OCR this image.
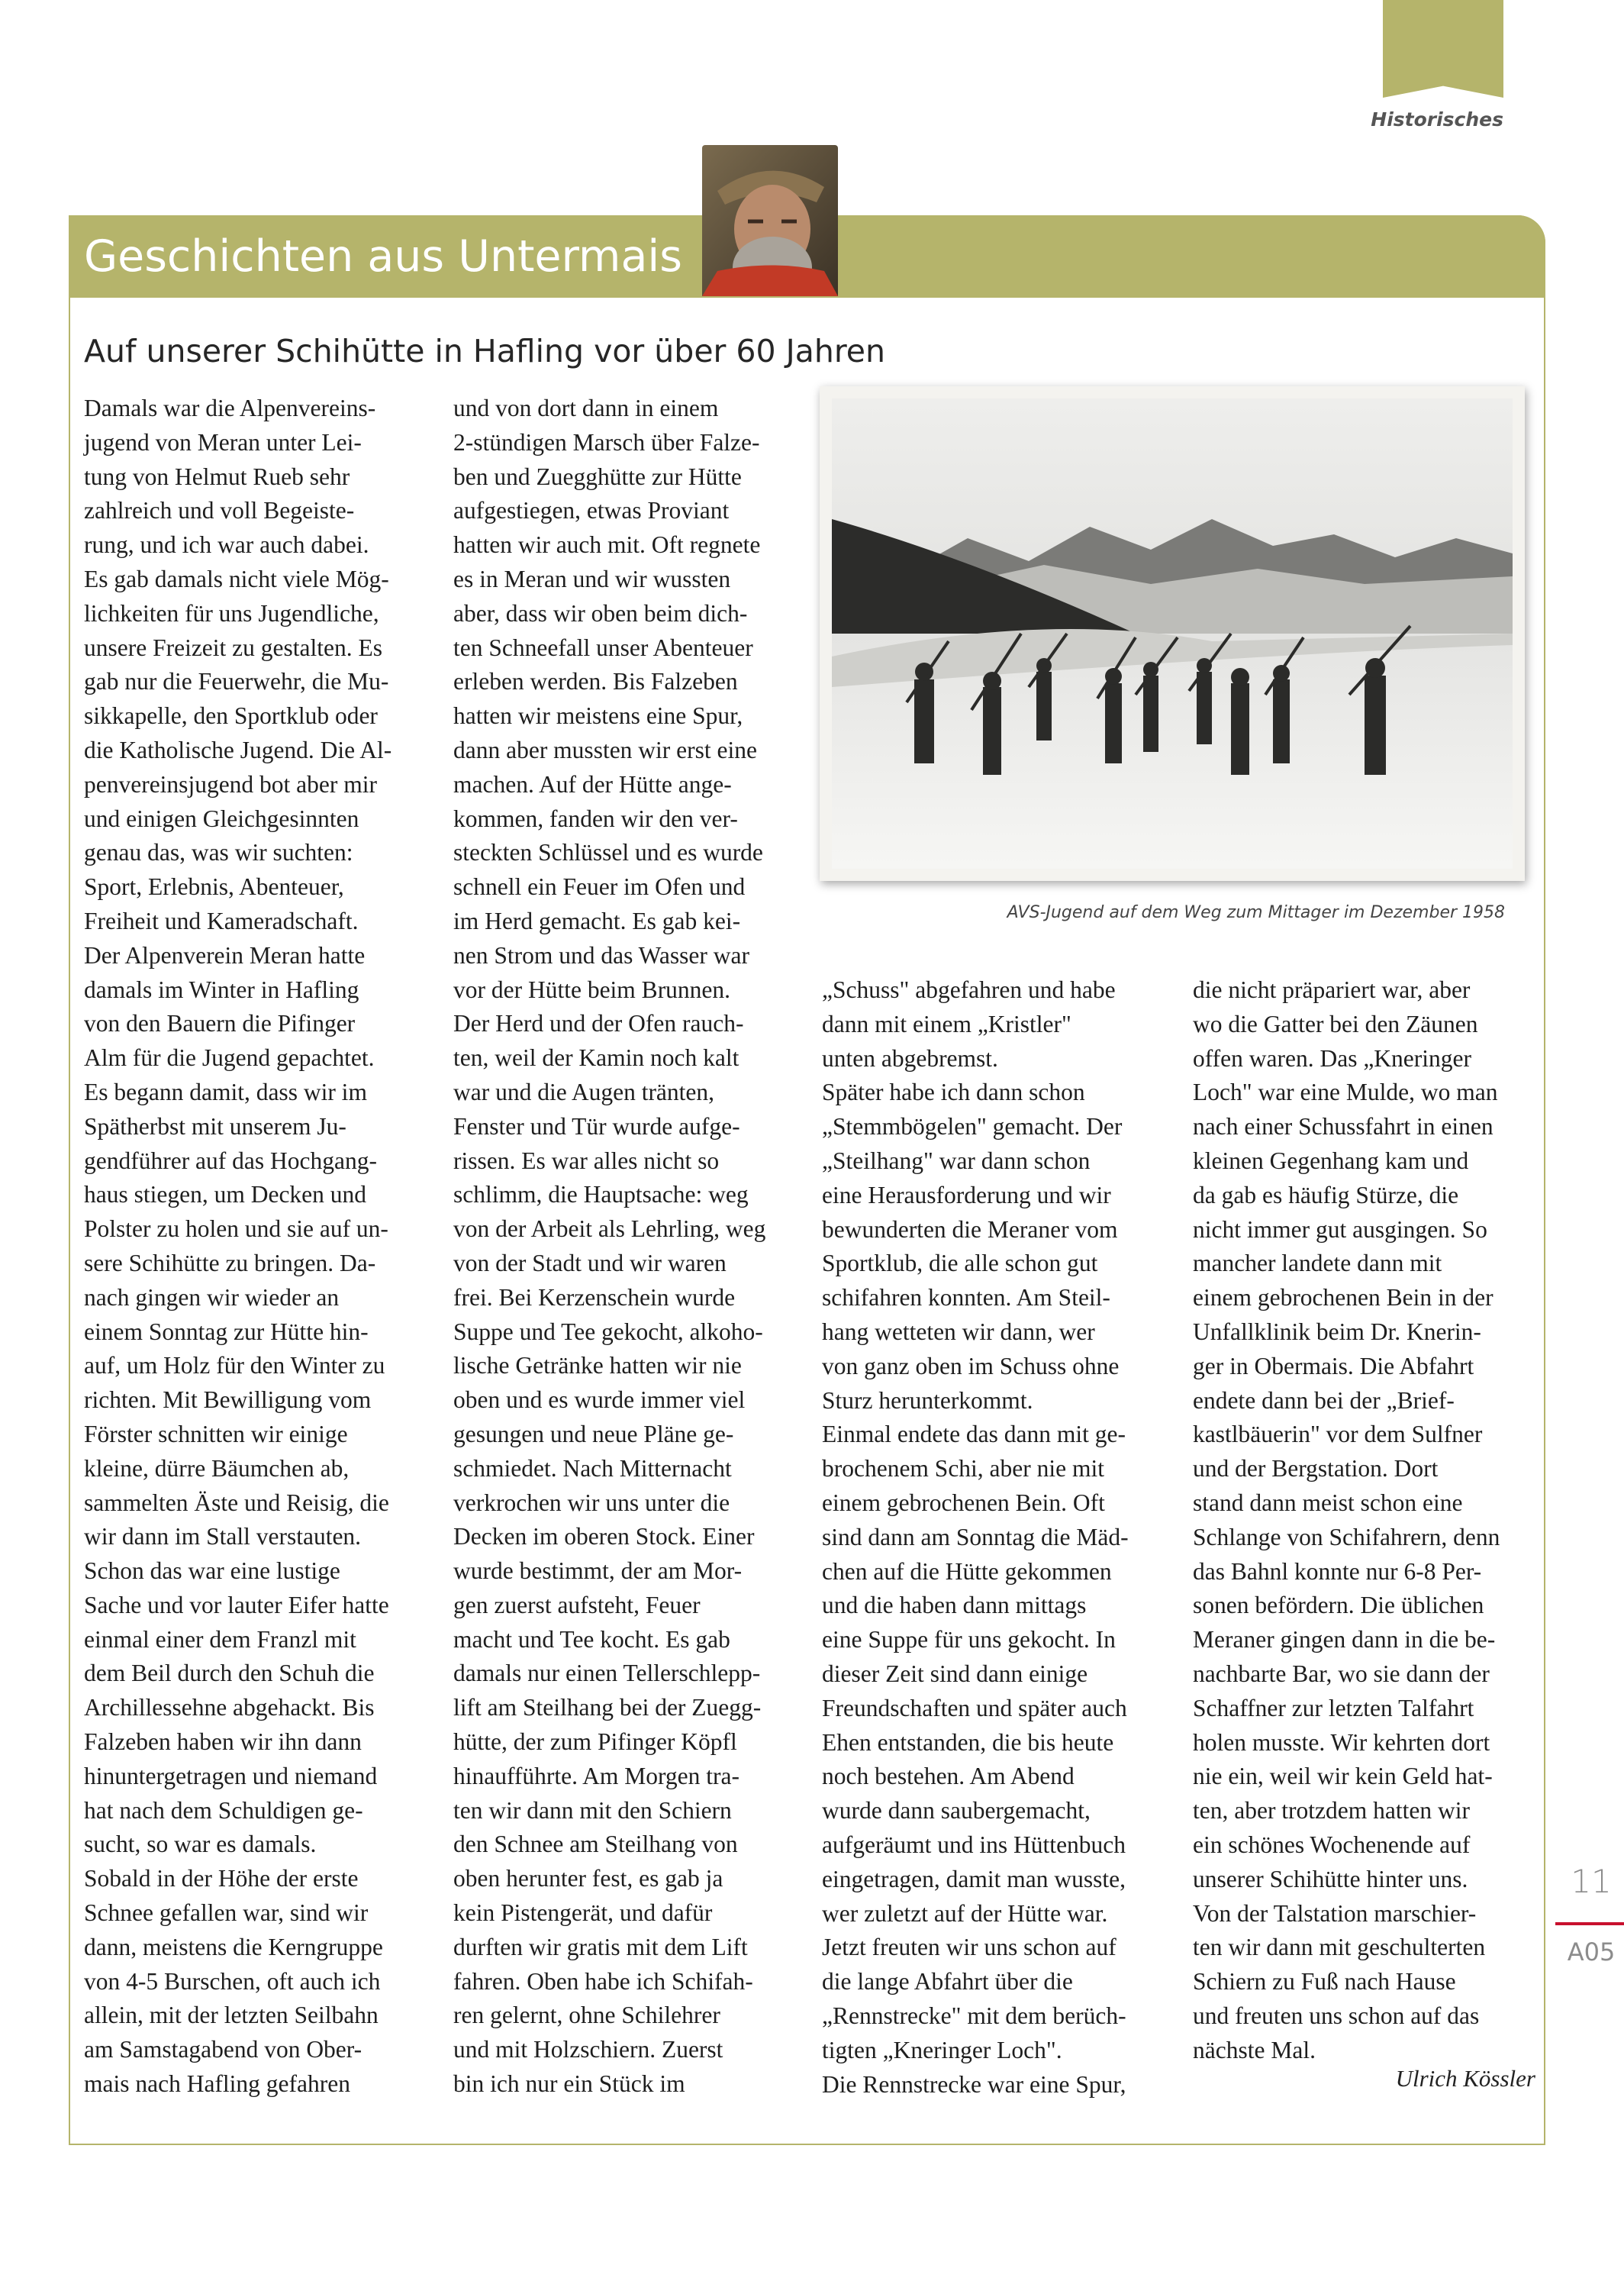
Historisches
Geschichten aus Untermais
Auf unserer Schihütte in Hafling vor über 60 Jahren
Damals war die Alpenvereins-
jugend von Meran unter Lei-
tung von Helmut Rueb sehr
zahlreich und voll Begeiste-
rung, und ich war auch dabei.
Es gab damals nicht viele Mög-
lichkeiten für uns Jugendliche,
unsere Freizeit zu gestalten. Es
gab nur die Feuerwehr, die Mu-
sikkapelle, den Sportklub oder
die Katholische Jugend. Die Al-
penvereinsjugend bot aber mir
und einigen Gleichgesinnten
genau das, was wir suchten:
Sport, Erlebnis, Abenteuer,
Freiheit und Kameradschaft.
Der Alpenverein Meran hatte
damals im Winter in Hafling
von den Bauern die Pifinger
Alm für die Jugend gepachtet.
Es begann damit, dass wir im
Spätherbst mit unserem Ju-
gendführer auf das Hochgang-
haus stiegen, um Decken und
Polster zu holen und sie auf un-
sere Schihütte zu bringen. Da-
nach gingen wir wieder an
einem Sonntag zur Hütte hin-
auf, um Holz für den Winter zu
richten. Mit Bewilligung vom
Förster schnitten wir einige
kleine, dürre Bäumchen ab,
sammelten Äste und Reisig, die
wir dann im Stall verstauten.
Schon das war eine lustige
Sache und vor lauter Eifer hatte
einmal einer dem Franzl mit
dem Beil durch den Schuh die
Archillessehne abgehackt. Bis
Falzeben haben wir ihn dann
hinuntergetragen und niemand
hat nach dem Schuldigen ge-
sucht, so war es damals.
Sobald in der Höhe der erste
Schnee gefallen war, sind wir
dann, meistens die Kerngruppe
von 4-5 Burschen, oft auch ich
allein, mit der letzten Seilbahn
am Samstagabend von Ober-
mais nach Hafling gefahren
und von dort dann in einem
2-stündigen Marsch über Falze-
ben und Zuegghütte zur Hütte
aufgestiegen, etwas Proviant
hatten wir auch mit. Oft regnete
es in Meran und wir wussten
aber, dass wir oben beim dich-
ten Schneefall unser Abenteuer
erleben werden. Bis Falzeben
hatten wir meistens eine Spur,
dann aber mussten wir erst eine
machen. Auf der Hütte ange-
kommen, fanden wir den ver-
steckten Schlüssel und es wurde
schnell ein Feuer im Ofen und
im Herd gemacht. Es gab kei-
nen Strom und das Wasser war
vor der Hütte beim Brunnen.
Der Herd und der Ofen rauch-
ten, weil der Kamin noch kalt
war und die Augen tränten,
Fenster und Tür wurde aufge-
rissen. Es war alles nicht so
schlimm, die Hauptsache: weg
von der Arbeit als Lehrling, weg
von der Stadt und wir waren
frei. Bei Kerzenschein wurde
Suppe und Tee gekocht, alkoho-
lische Getränke hatten wir nie
oben und es wurde immer viel
gesungen und neue Pläne ge-
schmiedet. Nach Mitternacht
verkrochen wir uns unter die
Decken im oberen Stock. Einer
wurde bestimmt, der am Mor-
gen zuerst aufsteht, Feuer
macht und Tee kocht. Es gab
damals nur einen Tellerschlepp-
lift am Steilhang bei der Zuegg-
hütte, der zum Pifinger Köpfl
hinaufführte. Am Morgen tra-
ten wir dann mit den Schiern
den Schnee am Steilhang von
oben herunter fest, es gab ja
kein Pistengerät, und dafür
durften wir gratis mit dem Lift
fahren. Oben habe ich Schifah-
ren gelernt, ohne Schilehrer
und mit Holzschiern. Zuerst
bin ich nur ein Stück im
„Schuss" abgefahren und habe
dann mit einem „Kristler"
unten abgebremst.
Später habe ich dann schon
„Stemmbögelen" gemacht. Der
„Steilhang" war dann schon
eine Herausforderung und wir
bewunderten die Meraner vom
Sportklub, die alle schon gut
schifahren konnten. Am Steil-
hang wetteten wir dann, wer
von ganz oben im Schuss ohne
Sturz herunterkommt.
Einmal endete das dann mit ge-
brochenem Schi, aber nie mit
einem gebrochenen Bein. Oft
sind dann am Sonntag die Mäd-
chen auf die Hütte gekommen
und die haben dann mittags
eine Suppe für uns gekocht. In
dieser Zeit sind dann einige
Freundschaften und später auch
Ehen entstanden, die bis heute
noch bestehen. Am Abend
wurde dann saubergemacht,
aufgeräumt und ins Hüttenbuch
eingetragen, damit man wusste,
wer zuletzt auf der Hütte war.
Jetzt freuten wir uns schon auf
die lange Abfahrt über die
„Rennstrecke" mit dem berüch-
tigten „Kneringer Loch".
Die Rennstrecke war eine Spur,
die nicht präpariert war, aber
wo die Gatter bei den Zäunen
offen waren. Das „Kneringer
Loch" war eine Mulde, wo man
nach einer Schussfahrt in einen
kleinen Gegenhang kam und
da gab es häufig Stürze, die
nicht immer gut ausgingen. So
mancher landete dann mit
einem gebrochenen Bein in der
Unfallklinik beim Dr. Knerin-
ger in Obermais. Die Abfahrt
endete dann bei der „Brief-
kastlbäuerin" vor dem Sulfner
und der Bergstation. Dort
stand dann meist schon eine
Schlange von Schifahrern, denn
das Bahnl konnte nur 6-8 Per-
sonen befördern. Die üblichen
Meraner gingen dann in die be-
nachbarte Bar, wo sie dann der
Schaffner zur letzten Talfahrt
holen musste. Wir kehrten dort
nie ein, weil wir kein Geld hat-
ten, aber trotzdem hatten wir
ein schönes Wochenende auf
unserer Schihütte hinter uns.
Von der Talstation marschier-
ten wir dann mit geschulterten
Schiern zu Fuß nach Hause
und freuten uns schon auf das
nächste Mal.
AVS-Jugend auf dem Weg zum Mittager im Dezember 1958
Ulrich Kössler
11
A05
